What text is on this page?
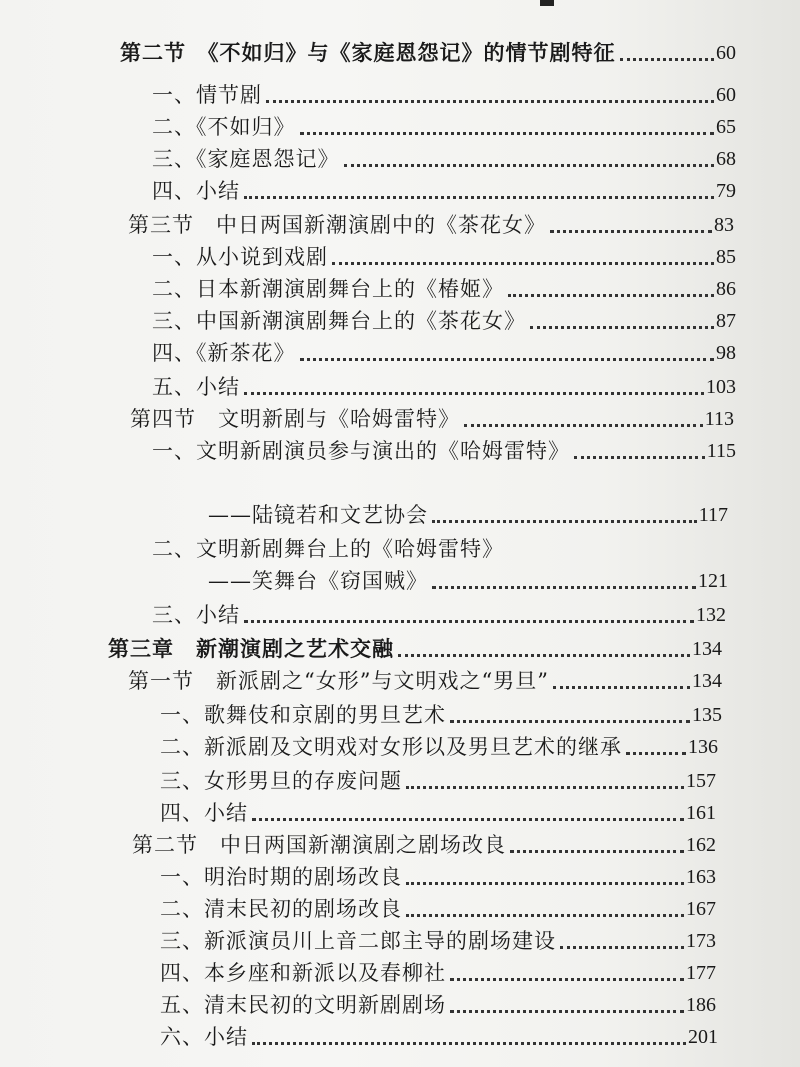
第二节　《不如归》与《家庭恩怨记》的情节剧特征	60
一、情节剧	60
二、《不如归》	65
三、《家庭恩怨记》	68
四、小结	79
第三节　中日两国新潮演剧中的《茶花女》	83
一、从小说到戏剧	85
二、日本新潮演剧舞台上的《椿姬》	86
三、中国新潮演剧舞台上的《茶花女》	87
四、《新茶花》	98
五、小结	103
第四节　文明新剧与《哈姆雷特》	113
一、文明新剧演员参与演出的《哈姆雷特》	115
——陆镜若和文艺协会	117
二、文明新剧舞台上的《哈姆雷特》
——笑舞台《窃国贼》	121
三、小结	132
第三章　新潮演剧之艺术交融	134
第一节　新派剧之“女形”与文明戏之“男旦”	134
一、歌舞伎和京剧的男旦艺术	135
二、新派剧及文明戏对女形以及男旦艺术的继承	136
三、女形男旦的存废问题	157
四、小结	161
第二节　中日两国新潮演剧之剧场改良	162
一、明治时期的剧场改良	163
二、清末民初的剧场改良	167
三、新派演员川上音二郎主导的剧场建设	173
四、本乡座和新派以及春柳社	177
五、清末民初的文明新剧剧场	186
六、小结	201
